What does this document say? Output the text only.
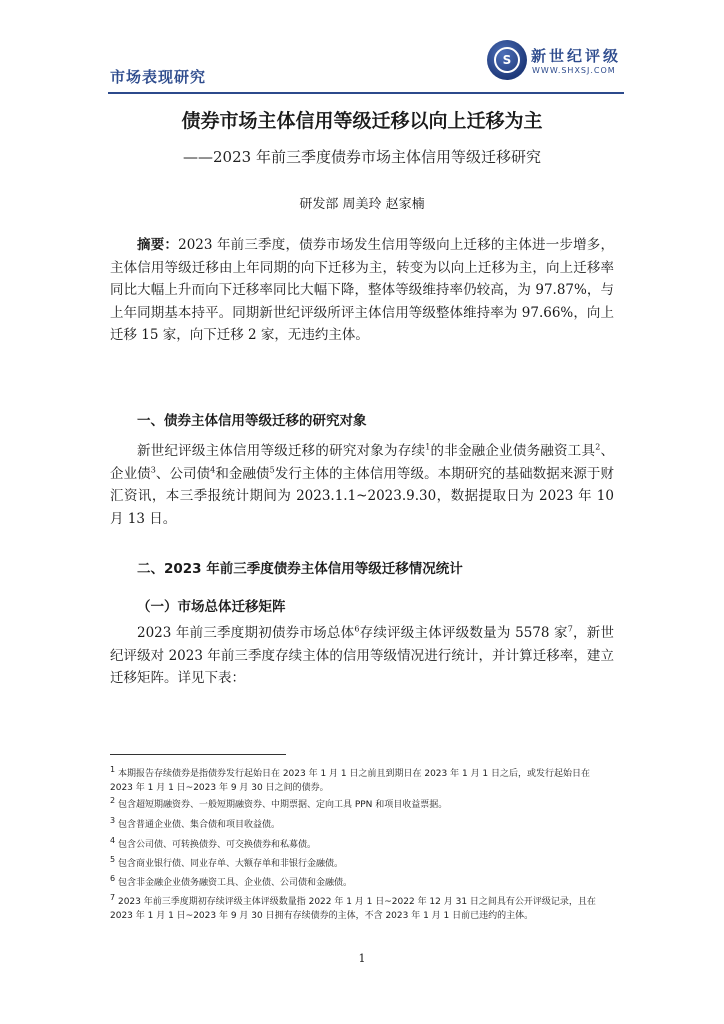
市场表现研究
S	新世纪评级
WWW.SHXSJ.COM
债券市场主体信用等级迁移以向上迁移为主
——2023 年前三季度债券市场主体信用等级迁移研究
研发部 周美玲 赵家楠
摘要：2023 年前三季度，债券市场发生信用等级向上迁移的主体进一步增多，主体信用等级迁移由上年同期的向下迁移为主，转变为以向上迁移为主，向上迁移率同比大幅上升而向下迁移率同比大幅下降，整体等级维持率仍较高，为 97.87%，与上年同期基本持平。同期新世纪评级所评主体信用等级整体维持率为 97.66%，向上迁移 15 家，向下迁移 2 家，无违约主体。
一、债券主体信用等级迁移的研究对象
新世纪评级主体信用等级迁移的研究对象为存续$^1$的非金融企业债务融资工具$^2$、企业债$^3$、公司债$^4$和金融债$^5$发行主体的主体信用等级。本期研究的基础数据来源于财汇资讯，本三季报统计期间为 2023.1.1~2023.9.30，数据提取日为 2023 年 10 月 13 日。
二、2023 年前三季度债券主体信用等级迁移情况统计
（一）市场总体迁移矩阵
2023 年前三季度期初债券市场总体$^6$存续评级主体评级数量为 5578 家$^7$，新世纪评级对 2023 年前三季度存续主体的信用等级情况进行统计，并计算迁移率，建立迁移矩阵。详见下表：
$^1$ 本期报告存续债券是指债券发行起始日在 2023 年 1 月 1 日之前且到期日在 2023 年 1 月 1 日之后，或发行起始日在 2023 年 1 月 1 日~2023 年 9 月 30 日之间的债券。
$^2$ 包含超短期融资券、一般短期融资券、中期票据、定向工具 PPN 和项目收益票据。
$^3$ 包含普通企业债、集合债和项目收益债。
$^4$ 包含公司债、可转换债券、可交换债券和私募债。
$^5$ 包含商业银行债、同业存单、大额存单和非银行金融债。
$^6$ 包含非金融企业债务融资工具、企业债、公司债和金融债。
$^7$ 2023 年前三季度期初存续评级主体评级数量指 2022 年 1 月 1 日~2022 年 12 月 31 日之间具有公开评级记录，且在 2023 年 1 月 1 日~2023 年 9 月 30 日拥有存续债券的主体，不含 2023 年 1 月 1 日前已违约的主体。
1
